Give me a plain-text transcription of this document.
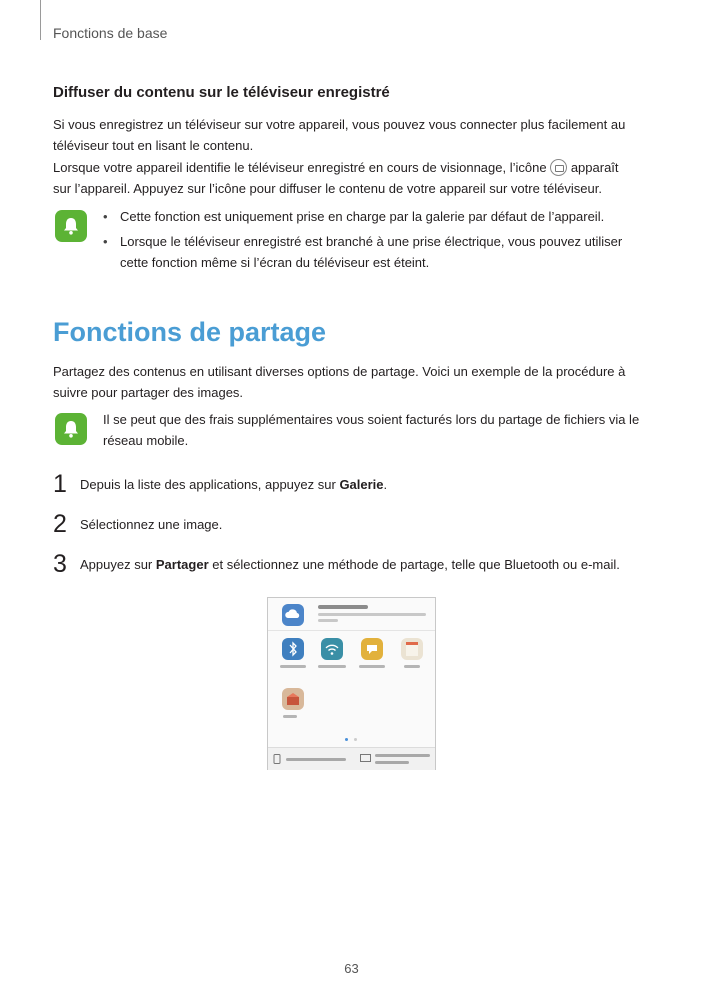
Fonctions de base
Diffuser du contenu sur le téléviseur enregistré
Si vous enregistrez un téléviseur sur votre appareil, vous pouvez vous connecter plus facilement au
téléviseur tout en lisant le contenu.
Lorsque votre appareil identifie le téléviseur enregistré en cours de visionnage, l’icône apparaît
sur l’appareil. Appuyez sur l’icône pour diffuser le contenu de votre appareil sur votre téléviseur.
• Cette fonction est uniquement prise en charge par la galerie par défaut de l’appareil.
• Lorsque le téléviseur enregistré est branché à une prise électrique, vous pouvez utiliser
cette fonction même si l’écran du téléviseur est éteint.
Fonctions de partage
Partagez des contenus en utilisant diverses options de partage. Voici un exemple de la procédure à
suivre pour partager des images.
Il se peut que des frais supplémentaires vous soient facturés lors du partage de fichiers via le
réseau mobile.
1	Depuis la liste des applications, appuyez sur Galerie.
2	Sélectionnez une image.
3	Appuyez sur Partager et sélectionnez une méthode de partage, telle que Bluetooth ou e-mail.
63
